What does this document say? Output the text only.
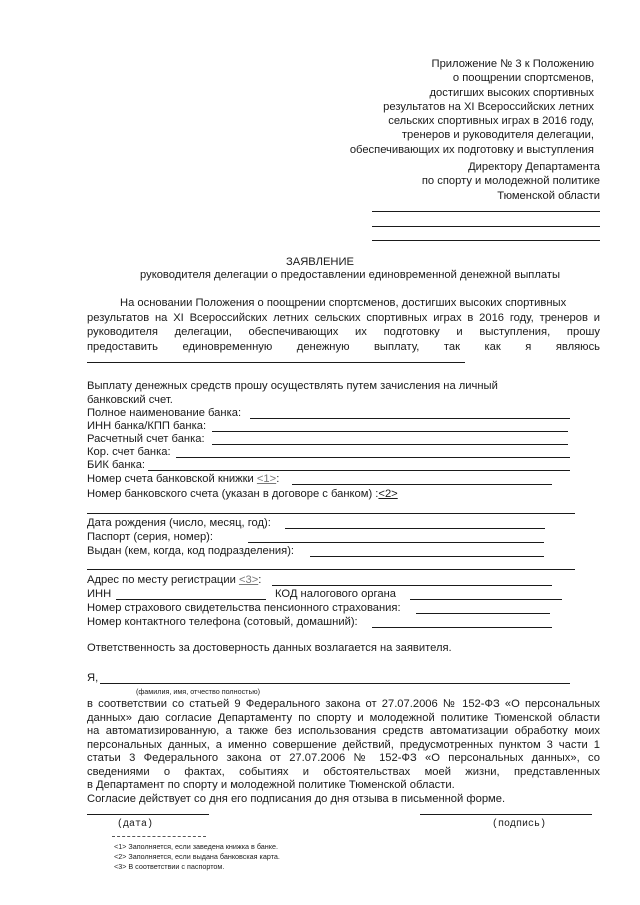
Приложение № 3 к Положению
о поощрении спортсменов,
достигших высоких спортивных
результатов на XI Всероссийских летних
сельских спортивных играх в 2016 году,
тренеров и руководителя делегации,
обеспечивающих их подготовку и выступления
Директору Департамента
по спорту и молодежной политике
Тюменской области
ЗАЯВЛЕНИЕ
руководителя делегации о предоставлении единовременной денежной выплаты
На основании Положения о поощрении спортсменов, достигших высоких спортивных
результатов на XI Всероссийских летних сельских спортивных играх в 2016 году, тренеров и
руководителя делегации, обеспечивающих их подготовку и выступления, прошу
предоставить единовременную денежную выплату, так как я являюсь
Выплату денежных средств прошу осуществлять путем зачисления на личный
банковский счет.
Полное наименование банка:
ИНН банка/КПП банка:
Расчетный счет банка:
Кор. счет банка:
БИК банка:
Номер счета банковской книжки <1>:
Номер банковского счета (указан в договоре с банком) :<2>
Дата рождения (число, месяц, год):
Паспорт (серия, номер):
Выдан (кем, когда, код подразделения):
Адрес по месту регистрации <3>:
ИНН	КОД налогового органа
Номер страхового свидетельства пенсионного страхования:
Номер контактного телефона (сотовый, домашний):
Ответственность за достоверность данных возлагается на заявителя.
Я,
(фамилия, имя, отчество полностью)
в соответствии со статьей 9 Федерального закона от 27.07.2006 № 152-ФЗ «О персональных
данных» даю согласие Департаменту по спорту и молодежной политике Тюменской области
на автоматизированную, а также без использования средств автоматизации обработку моих
персональных данных, а именно совершение действий, предусмотренных пунктом 3 части 1
статьи 3 Федерального закона от 27.07.2006 № 152-ФЗ «О персональных данных», со
сведениями о фактах, событиях и обстоятельствах моей жизни, представленных
в Департамент по спорту и молодежной политике Тюменской области.
Согласие действует со дня его подписания до дня отзыва в письменной форме.
(дата)	(подпись)
<1> Заполняется, если заведена книжка в банке.
<2> Заполняется, если выдана банковская карта.
<3> В соответствии с паспортом.
